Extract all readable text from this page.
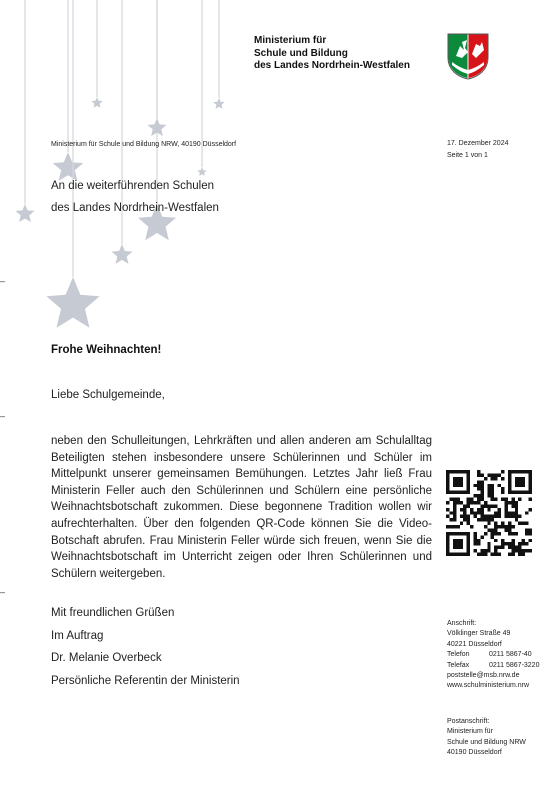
Ministerium für
Schule und Bildung
des Landes Nordrhein-Westfalen
Ministerium für Schule und Bildung NRW, 40190 Düsseldorf	17. Dezember 2024
Seite 1 von 1
An die weiterführenden Schulen
des Landes Nordrhein-Westfalen
–
–
–
Frohe Weihnachten!
Liebe Schulgemeinde,
neben den Schulleitungen, Lehrkräften und allen anderen am Schulalltag Beteiligten stehen insbesondere unsere Schülerinnen und Schüler im Mittelpunkt unserer gemeinsamen Bemühungen. Letztes Jahr ließ Frau Ministerin Feller auch den Schülerinnen und Schülern eine persönliche Weihnachtsbotschaft zukommen. Diese begonnene Tradition wollen wir aufrechterhalten. Über den folgenden QR-Code können Sie die Video-Botschaft abrufen. Frau Ministerin Feller würde sich freuen, wenn Sie die Weihnachtsbotschaft im Unterricht zeigen oder Ihren Schülerinnen und Schülern weitergeben.
Mit freundlichen Grüßen
Im Auftrag
Dr. Melanie Overbeck
Persönliche Referentin der Ministerin
Anschrift:
Völklinger Straße 49
40221 Düsseldorf
Telefon	0211 5867-40
Telefax	0211 5867-3220
poststelle@msb.nrw.de
www.schulministerium.nrw
Postanschrift:
Ministerium für
Schule und Bildung NRW
40190 Düsseldorf
